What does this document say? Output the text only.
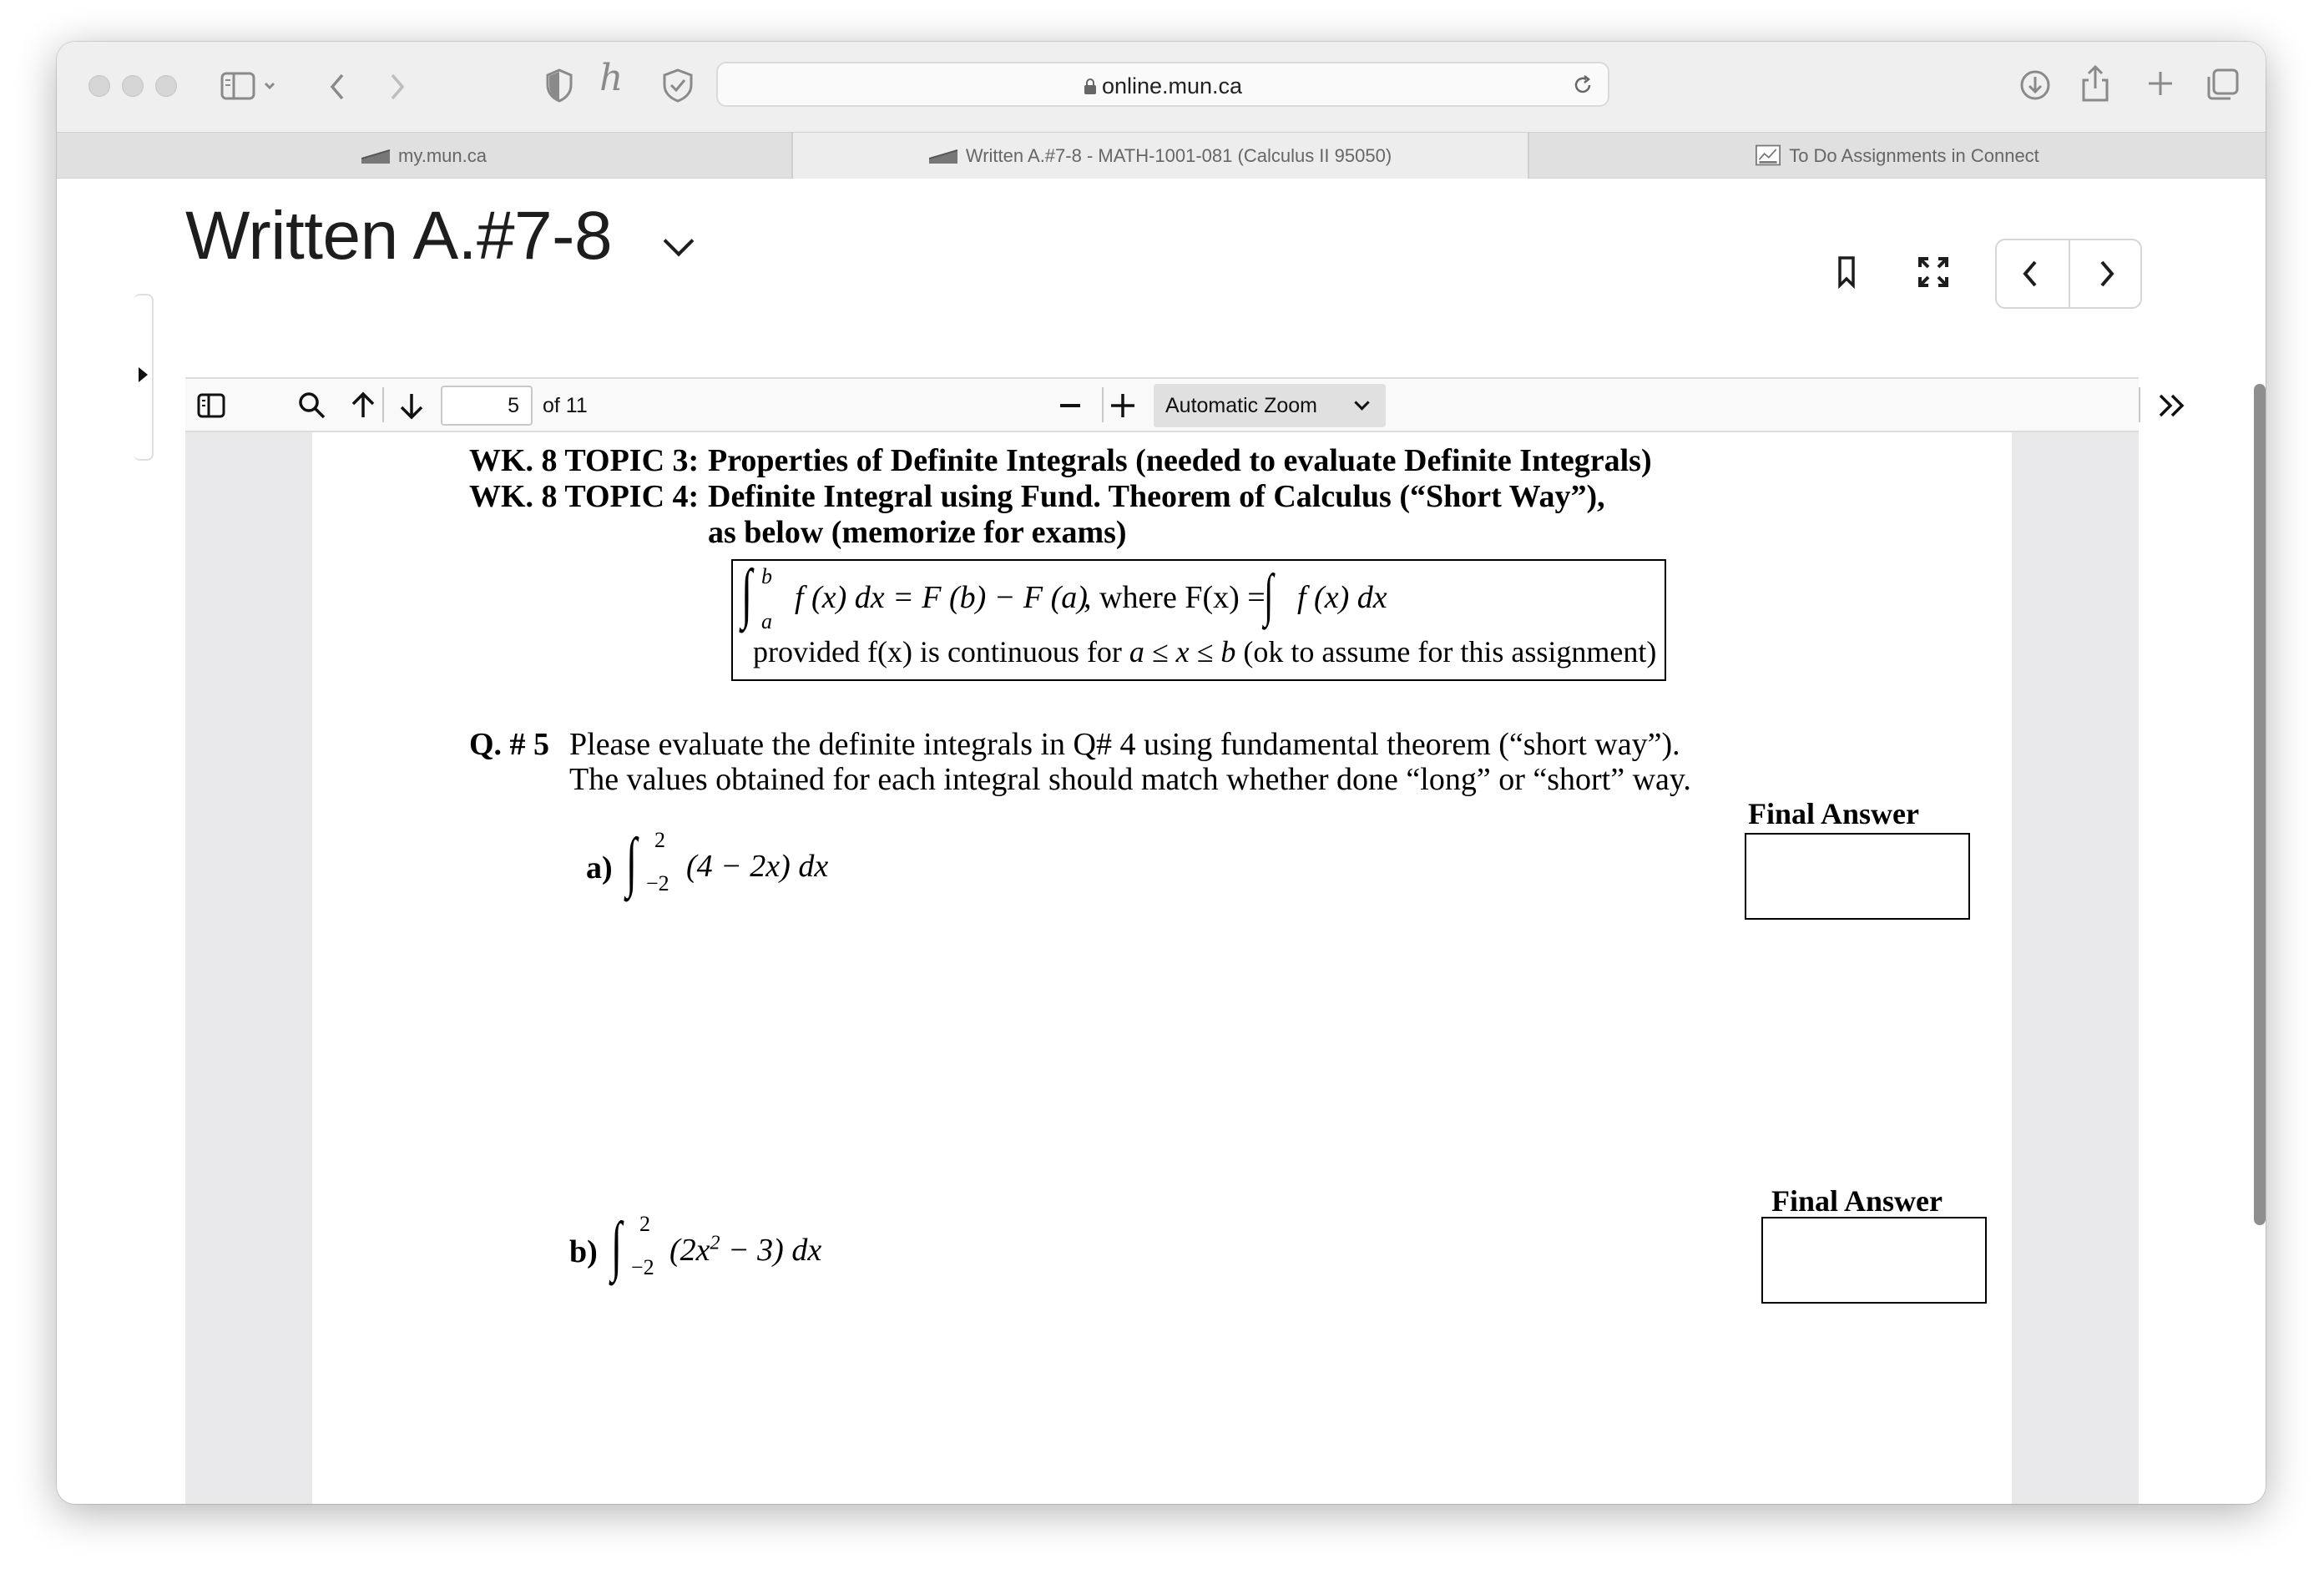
h	online.mun.ca
my.mun.ca	Written A.#7-8 - MATH-1001-081 (Calculus II 95050)	To Do Assignments in Connect
Written A.#7-8
5	of 11	Automatic Zoom
WK. 8 TOPIC 3: Properties of Definite Integrals (needed to evaluate Definite Integrals)
WK. 8 TOPIC 4: Definite Integral using Fund. Theorem of Calculus (“Short Way”),
as below (memorize for exams)
∫ b
a
f (x) dx = F (b) − F (a)
, where F(x) =
∫ f (x) dx
provided f(x) is continuous for a ≤ x ≤ b (ok to assume for this assignment)
Q. # 5 Please evaluate the definite integrals in Q# 4 using fundamental theorem (“short way”).
The values obtained for each integral should match whether done “long” or “short” way.
Final Answer
a) ∫ 2
−2 (4 − 2x) dx
Final Answer
b) ∫ 2
−2 $(2x^2 - 3)$ dx
